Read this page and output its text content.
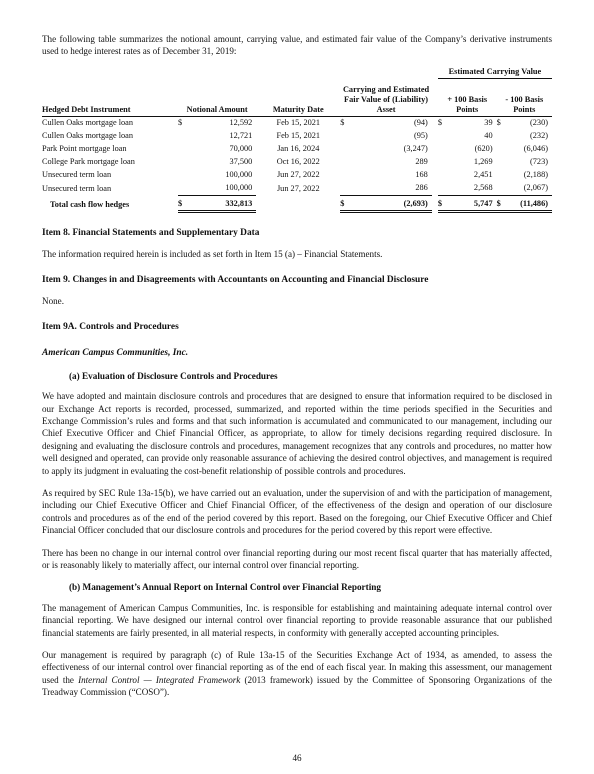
The following table summarizes the notional amount, carrying value, and estimated fair value of the Company’s derivative instruments used to hedge interest rates as of December 31, 2019:

							Estimated Carrying Value			
Hedged Debt Instrument	Notional Amount		Maturity Date	Carrying and Estimated Fair Value of (Liability) Asset			+ 100 Basis Points		- 100 Basis Points	
Cullen Oaks mortgage loan	$	12,592	Feb 15, 2021	$	(94)		$	39	$	(230)
Cullen Oaks mortgage loan		12,721	Feb 15, 2021		(95)			40		(232)
Park Point mortgage loan		70,000	Jan 16, 2024		(3,247)			(620)		(6,046)
College Park mortgage loan		37,500	Oct 16, 2022		289			1,269		(723)
Unsecured term loan		100,000	Jun 27, 2022		168			2,451		(2,188)
Unsecured term loan		100,000	Jun 27, 2022		286			2,568		(2,067)
Total cash flow hedges	$	332,813		$	(2,693)		$	5,747	$	(11,486)
Item 8. Financial Statements and Supplementary Data

The information required herein is included as set forth in Item 15 (a) – Financial Statements.

Item 9. Changes in and Disagreements with Accountants on Accounting and Financial Disclosure

None.

Item 9A. Controls and Procedures
American Campus Communities, Inc.
(a) Evaluation of Disclosure Controls and Procedures

We have adopted and maintain disclosure controls and procedures that are designed to ensure that information required to be disclosed in our Exchange Act reports is recorded, processed, summarized, and reported within the time periods specified in the Securities and Exchange Commission’s rules and forms and that such information is accumulated and communicated to our management, including our Chief Executive Officer and Chief Financial Officer, as appropriate, to allow for timely decisions regarding required disclosure. In designing and evaluating the disclosure controls and procedures, management recognizes that any controls and procedures, no matter how well designed and operated, can provide only reasonable assurance of achieving the desired control objectives, and management is required to apply its judgment in evaluating the cost-benefit relationship of possible controls and procedures.

As required by SEC Rule 13a-15(b), we have carried out an evaluation, under the supervision of and with the participation of management, including our Chief Executive Officer and Chief Financial Officer, of the effectiveness of the design and operation of our disclosure controls and procedures as of the end of the period covered by this report. Based on the foregoing, our Chief Executive Officer and Chief Financial Officer concluded that our disclosure controls and procedures for the period covered by this report were effective.

There has been no change in our internal control over financial reporting during our most recent fiscal quarter that has materially affected, or is reasonably likely to materially affect, our internal control over financial reporting.

(b) Management’s Annual Report on Internal Control over Financial Reporting

The management of American Campus Communities, Inc. is responsible for establishing and maintaining adequate internal control over financial reporting. We have designed our internal control over financial reporting to provide reasonable assurance that our published financial statements are fairly presented, in all material respects, in conformity with generally accepted accounting principles.

Our management is required by paragraph (c) of Rule 13a-15 of the Securities Exchange Act of 1934, as amended, to assess the effectiveness of our internal control over financial reporting as of the end of each fiscal year. In making this assessment, our management used the Internal Control — Integrated Framework (2013 framework) issued by the Committee of Sponsoring Organizations of the Treadway Commission (“COSO”).

46
